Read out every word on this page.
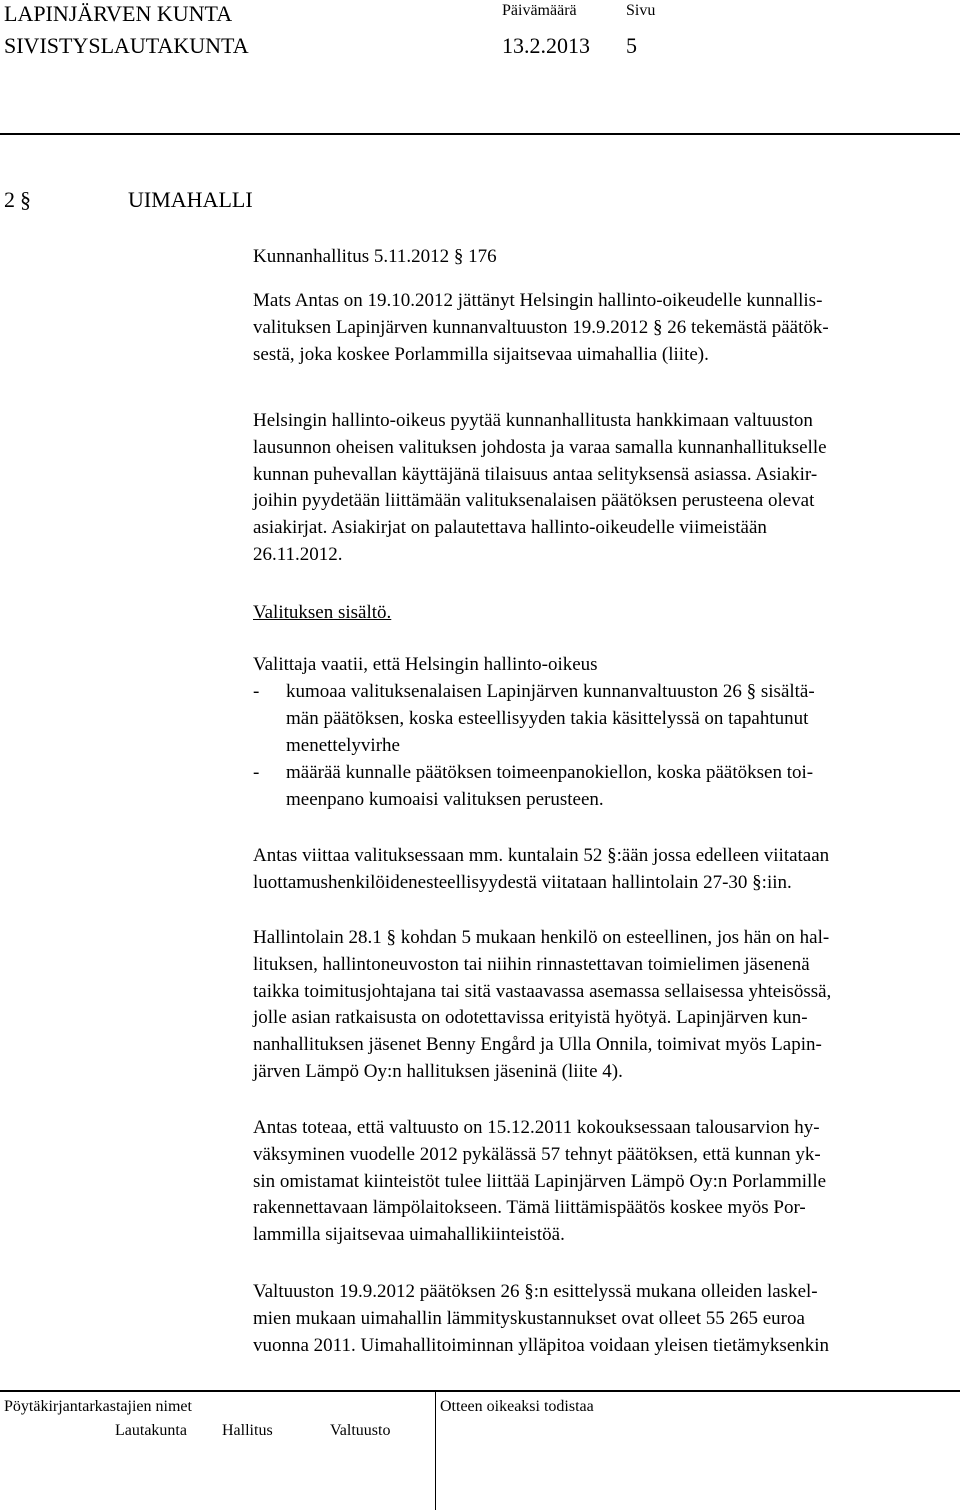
LAPINJÄRVEN KUNTA
SIVISTYSLAUTAKUNTA
Päivämäärä	Sivu
13.2.2013 5
2 §	UIMAHALLI
Kunnanhallitus 5.11.2012 § 176
Mats Antas on 19.10.2012 jättänyt Helsingin hallinto-oikeudelle kunnallis-
valituksen Lapinjärven kunnanvaltuuston 19.9.2012 § 26 tekemästä päätök-
sestä, joka koskee Porlammilla sijaitsevaa uimahallia (liite).
Helsingin hallinto-oikeus pyytää kunnanhallitusta hankkimaan valtuuston
lausunnon oheisen valituksen johdosta ja varaa samalla kunnanhallitukselle
kunnan puhevallan käyttäjänä tilaisuus antaa selityksensä asiassa. Asiakir-
joihin pyydetään liittämään valituksenalaisen päätöksen perusteena olevat
asiakirjat. Asiakirjat on palautettava hallinto-oikeudelle viimeistään
26.11.2012.
Valituksen sisältö.
Valittaja vaatii, että Helsingin hallinto-oikeus
- kumoaa valituksenalaisen Lapinjärven kunnanvaltuuston 26 § sisältä-
män päätöksen, koska esteellisyyden takia käsittelyssä on tapahtunut
menettelyvirhe
- määrää kunnalle päätöksen toimeenpanokiellon, koska päätöksen toi-
meenpano kumoaisi valituksen perusteen.
Antas viittaa valituksessaan mm. kuntalain 52 §:ään jossa edelleen viitataan
luottamushenkilöidenesteellisyydestä viitataan hallintolain 27-30 §:iin.
Hallintolain 28.1 § kohdan 5 mukaan henkilö on esteellinen, jos hän on hal-
lituksen, hallintoneuvoston tai niihin rinnastettavan toimielimen jäsenenä
taikka toimitusjohtajana tai sitä vastaavassa asemassa sellaisessa yhteisössä,
jolle asian ratkaisusta on odotettavissa erityistä hyötyä. Lapinjärven kun-
nanhallituksen jäsenet Benny Engård ja Ulla Onnila, toimivat myös Lapin-
järven Lämpö Oy:n hallituksen jäseninä (liite 4).
Antas toteaa, että valtuusto on 15.12.2011 kokouksessaan talousarvion hy-
väksyminen vuodelle 2012 pykälässä 57 tehnyt päätöksen, että kunnan yk-
sin omistamat kiinteistöt tulee liittää Lapinjärven Lämpö Oy:n Porlammille
rakennettavaan lämpölaitokseen. Tämä liittämispäätös koskee myös Por-
lammilla sijaitsevaa uimahallikiinteistöä.
Valtuuston 19.9.2012 päätöksen 26 §:n esittelyssä mukana olleiden laskel-
mien mukaan uimahallin lämmityskustannukset ovat olleet 55 265 euroa
vuonna 2011. Uimahallitoiminnan ylläpitoa voidaan yleisen tietämyksenkin
Pöytäkirjantarkastajien nimet	Otteen oikeaksi todistaa
Lautakunta Hallitus	Valtuusto
